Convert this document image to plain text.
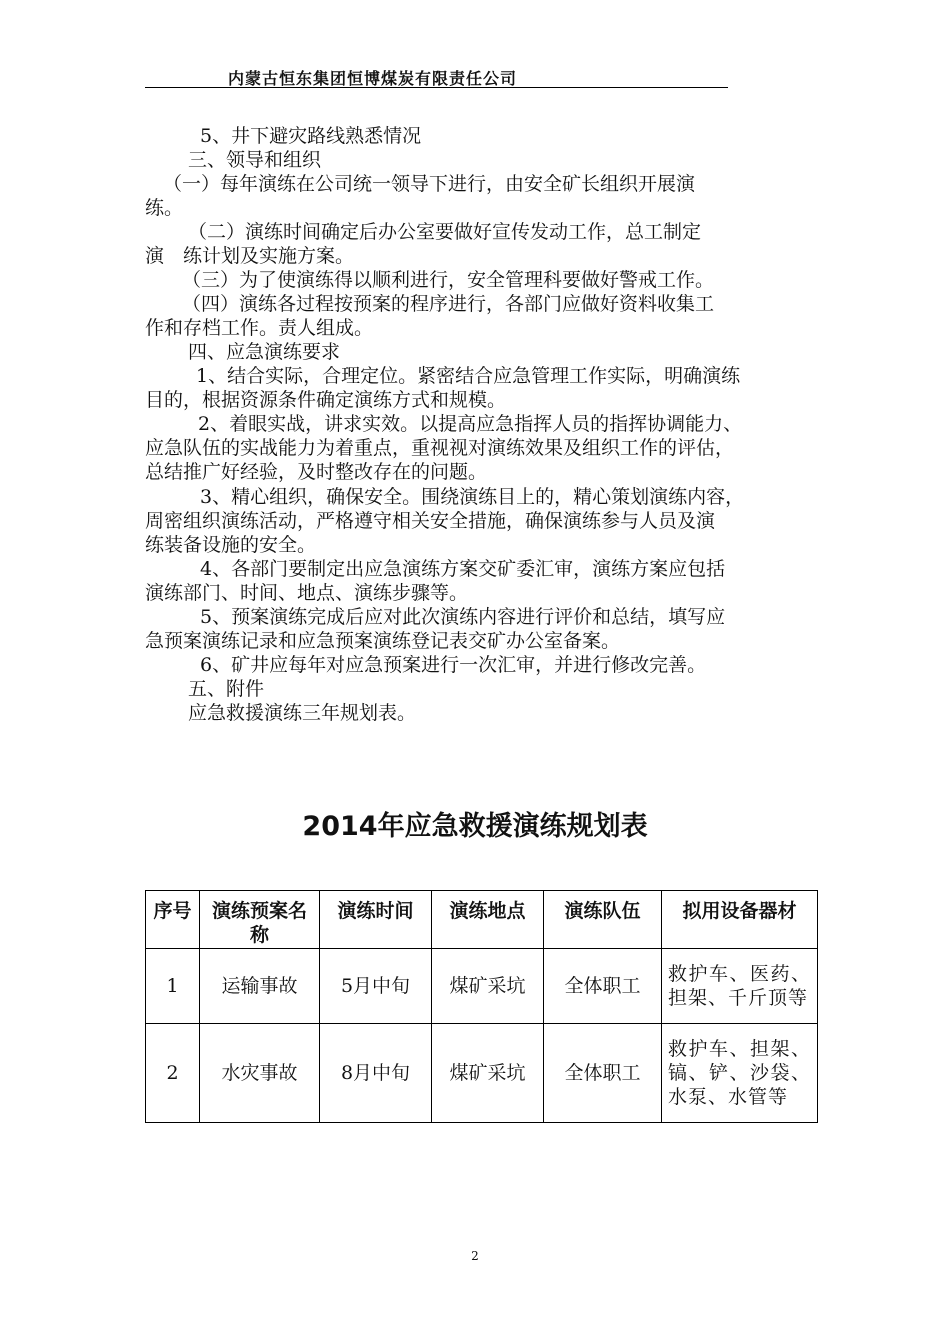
内蒙古恒东集团恒博煤炭有限责任公司
5、井下避灾路线熟悉情况
三、领导和组织
（一）每年演练在公司统一领导下进行，由安全矿长组织开展演
练。
（二）演练时间确定后办公室要做好宣传发动工作，总工制定
演　练计划及实施方案。
（三）为了使演练得以顺利进行，安全管理科要做好警戒工作。
（四）演练各过程按预案的程序进行，各部门应做好资料收集工
作和存档工作。责人组成。
四、应急演练要求
1、结合实际，合理定位。紧密结合应急管理工作实际，明确演练
目的，根据资源条件确定演练方式和规模。
2、着眼实战，讲求实效。以提高应急指挥人员的指挥协调能力、
应急队伍的实战能力为着重点，重视视对演练效果及组织工作的评估，
总结推广好经验，及时整改存在的问题。
3、精心组织，确保安全。围绕演练目上的，精心策划演练内容，
周密组织演练活动，严格遵守相关安全措施，确保演练参与人员及演
练装备设施的安全。
4、各部门要制定出应急演练方案交矿委汇审，演练方案应包括
演练部门、时间、地点、演练步骤等。
5、预案演练完成后应对此次演练内容进行评价和总结，填写应
急预案演练记录和应急预案演练登记表交矿办公室备案。
6、矿井应每年对应急预案进行一次汇审，并进行修改完善。
五、附件
应急救援演练三年规划表。
2014年应急救援演练规划表
序号	演练预案名称	演练时间	演练地点	演练队伍	拟用设备器材
1	运输事故	5月中旬	煤矿采坑	全体职工	救护车、医药、担架、千斤顶等
2	水灾事故	8月中旬	煤矿采坑	全体职工	救护车、担架、镐、铲、沙袋、水泵、水管等
2
